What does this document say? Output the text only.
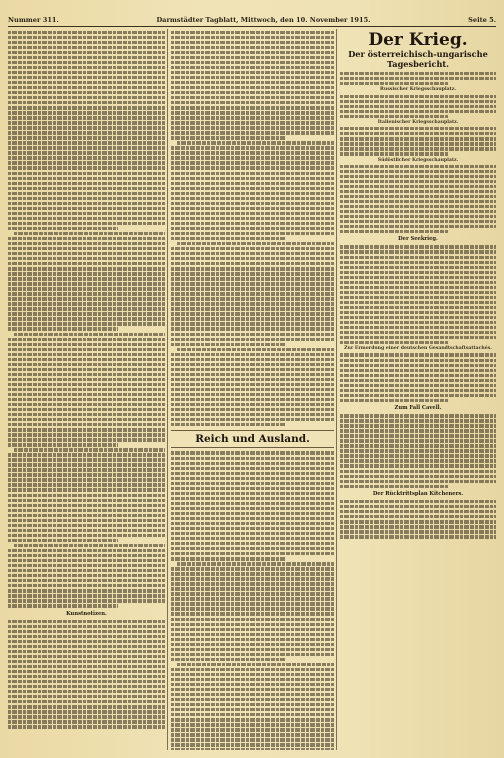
Nummer 311.	Darmstädter Tagblatt, Mittwoch, den 10. November 1915.	Seite 5.
Kunstnotizen.
Reich und Ausland.
Der Krieg.
Der österreichisch-ungarische
Tagesbericht.
Russischer Kriegsschauplatz.
Italienischer Kriegsschauplatz.
Südöstlicher Kriegsschauplatz.
Der Seekrieg.
Zur Ermordung einer deutschen Gesandtschaftsattachés.
Zum Fall Cavell.
Der Rücktrittsplan Kitcheners.
